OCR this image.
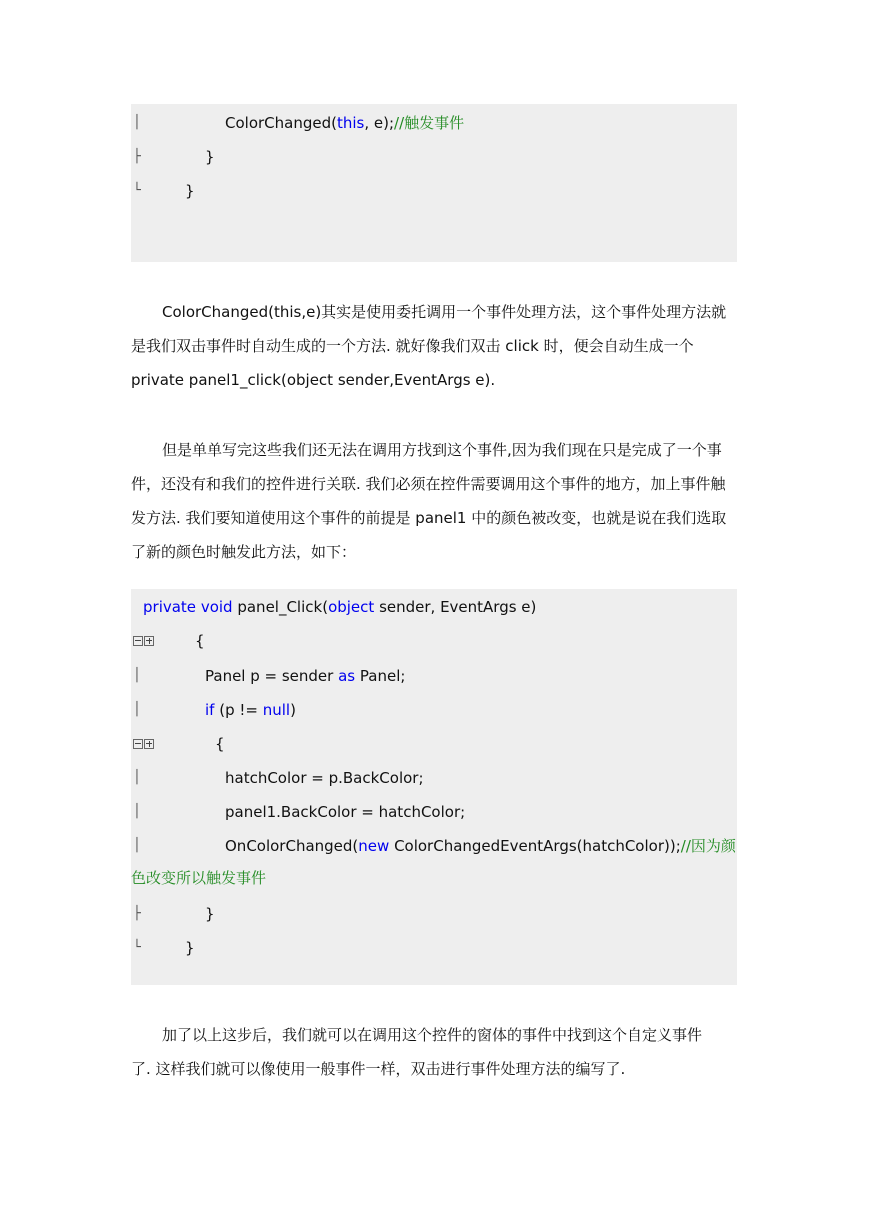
│	ColorChanged(this, e);//触发事件
├	}
└	}
ColorChanged(this,e)其实是使用委托调用一个事件处理方法，这个事件处理方法就
是我们双击事件时自动生成的一个方法. 就好像我们双击 click 时，便会自动生成一个
private panel1_click(object sender,EventArgs e).
但是单单写完这些我们还无法在调用方找到这个事件,因为我们现在只是完成了一个事
件，还没有和我们的控件进行关联. 我们必须在控件需要调用这个事件的地方，加上事件触
发方法. 我们要知道使用这个事件的前提是 panel1 中的颜色被改变，也就是说在我们选取
了新的颜色时触发此方法，如下：
private void panel_Click(object sender, EventArgs e)
{
│	Panel p = sender as Panel;
│	if (p != null)
{
│	hatchColor = p.BackColor;
│	panel1.BackColor = hatchColor;
│	OnColorChanged(new ColorChangedEventArgs(hatchColor));//因为颜
色改变所以触发事件
├	}
└	}
加了以上这步后，我们就可以在调用这个控件的窗体的事件中找到这个自定义事件
了. 这样我们就可以像使用一般事件一样，双击进行事件处理方法的编写了.
